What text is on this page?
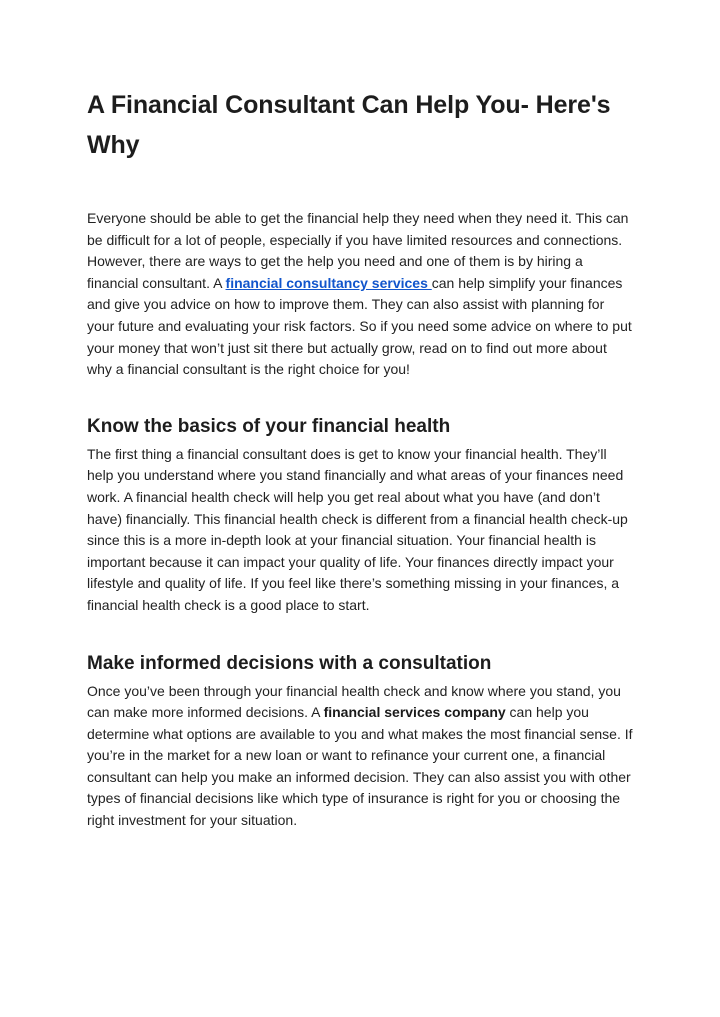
A Financial Consultant Can Help You- Here's Why

Everyone should be able to get the financial help they need when they need it. This can be difficult for a lot of people, especially if you have limited resources and connections. However, there are ways to get the help you need and one of them is by hiring a financial consultant. A financial consultancy services can help simplify your finances and give you advice on how to improve them. They can also assist with planning for your future and evaluating your risk factors. So if you need some advice on where to put your money that won’t just sit there but actually grow, read on to find out more about why a financial consultant is the right choice for you!

Know the basics of your financial health

The first thing a financial consultant does is get to know your financial health. They’ll help you understand where you stand financially and what areas of your finances need work. A financial health check will help you get real about what you have (and don’t have) financially. This financial health check is different from a financial health check-up since this is a more in-depth look at your financial situation. Your financial health is important because it can impact your quality of life. Your finances directly impact your lifestyle and quality of life. If you feel like there’s something missing in your finances, a financial health check is a good place to start.

Make informed decisions with a consultation

Once you’ve been through your financial health check and know where you stand, you can make more informed decisions. A financial services company can help you determine what options are available to you and what makes the most financial sense. If you’re in the market for a new loan or want to refinance your current one, a financial consultant can help you make an informed decision. They can also assist you with other types of financial decisions like which type of insurance is right for you or choosing the right investment for your situation.
